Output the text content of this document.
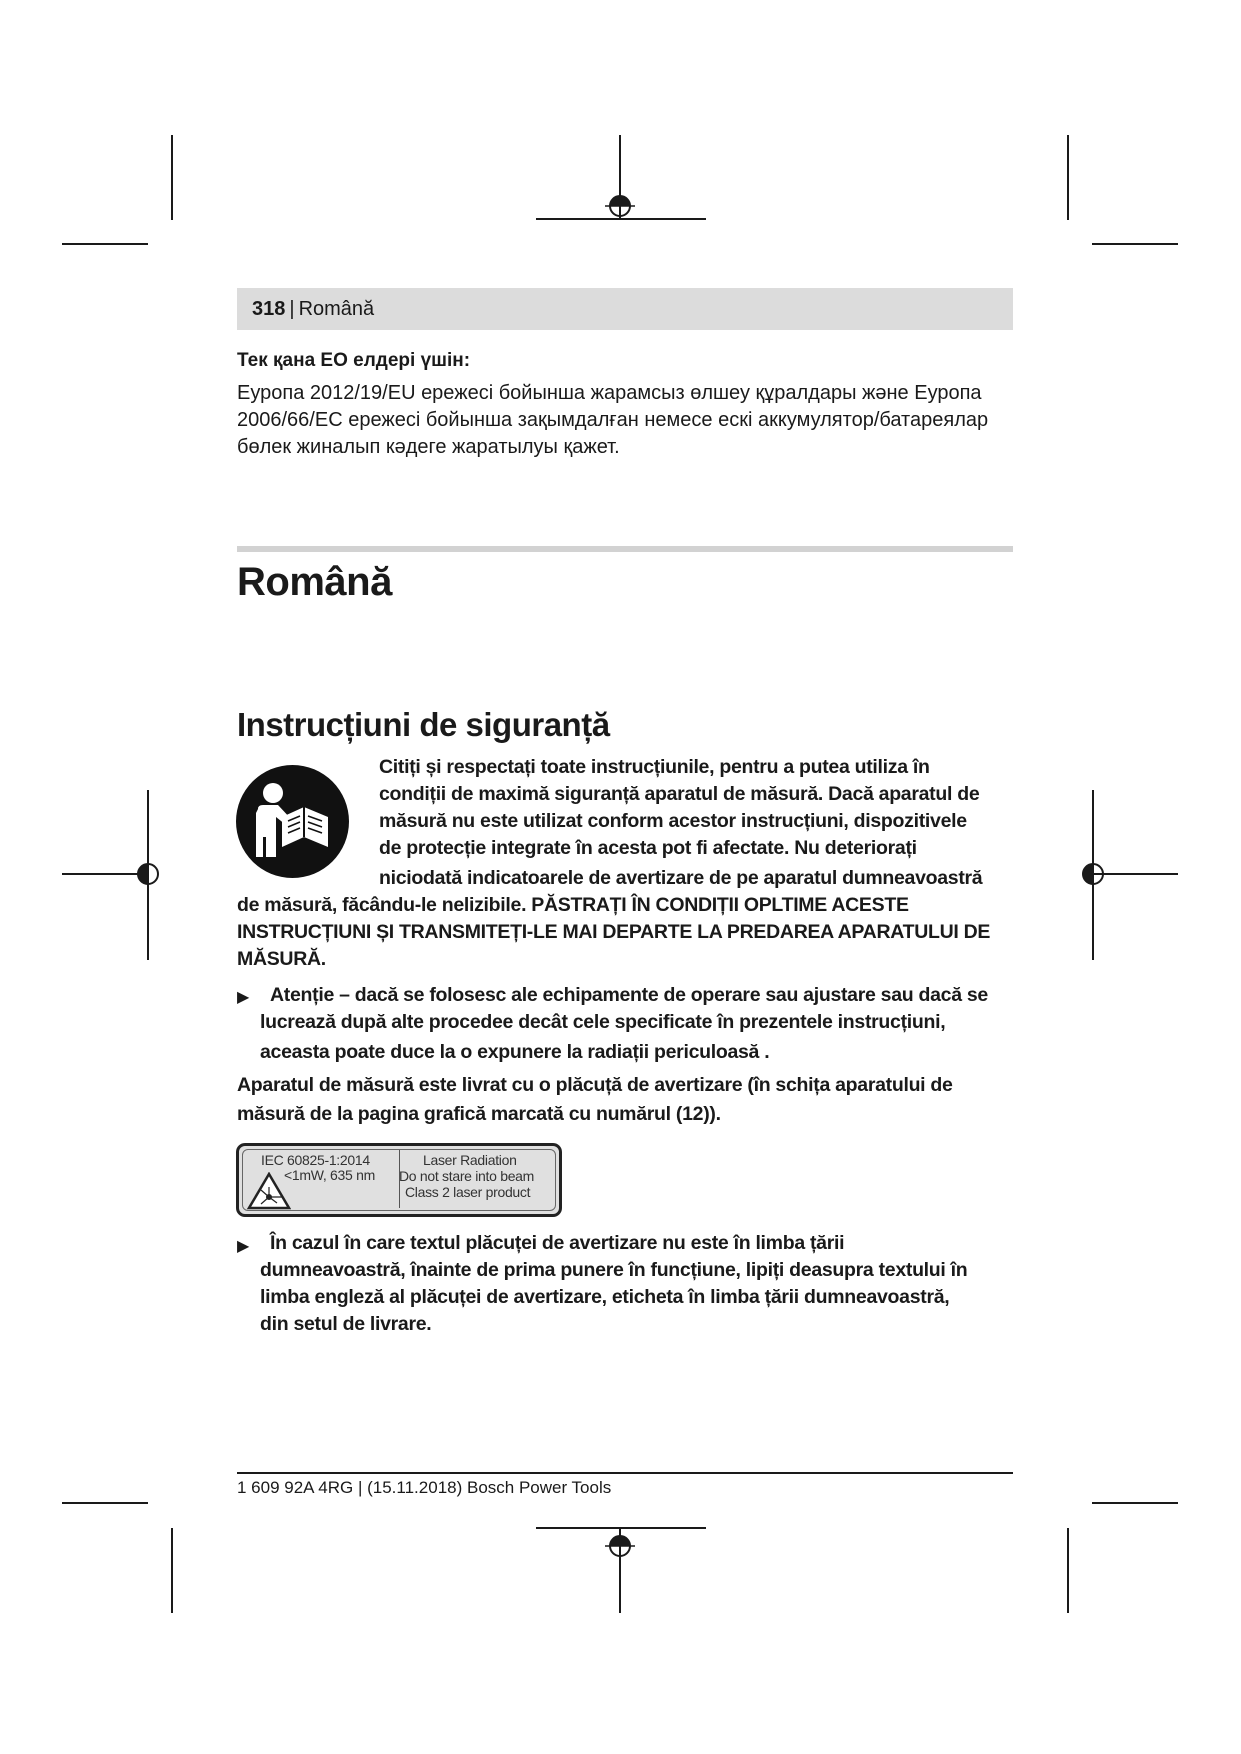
318 | Română
Тек қана ЕО елдері үшін:
Еуропа 2012/19/EU ережесі бойынша жарамсыз өлшеу құралдары және Еуропа
2006/66/EC ережесі бойынша зақымдалған немесе ескі аккумулятор/батареялар
бөлек жиналып кәдеге жаратылуы қажет.
Română
Instrucțiuni de siguranță
Citiți și respectați toate instrucțiunile, pentru a putea utiliza în
condiții de maximă siguranță aparatul de măsură. Dacă aparatul de
măsură nu este utilizat conform acestor instrucțiuni, dispozitivele
de protecție integrate în acesta pot fi afectate. Nu deteriorați
niciodată indicatoarele de avertizare de pe aparatul dumneavoastră
de măsură, făcându-le nelizibile. PĂSTRAȚI ÎN CONDIȚII OPLTIME ACESTE
INSTRUCȚIUNI ȘI TRANSMITEȚI-LE MAI DEPARTE LA PREDAREA APARATULUI DE
MĂSURĂ.
▶ Atenție – dacă se folosesc ale echipamente de operare sau ajustare sau dacă se
lucrează după alte procedee decât cele specificate în prezentele instrucțiuni,
aceasta poate duce la o expunere la radiații periculoasă .
Aparatul de măsură este livrat cu o plăcuță de avertizare (în schița aparatului de
măsură de la pagina grafică marcată cu numărul (12)).
IEC 60825-1:2014
<1mW, 635 nm
Laser Radiation
Do not stare into beam
Class 2 laser product
▶ În cazul în care textul plăcuței de avertizare nu este în limba țării
dumneavoastră, înainte de prima punere în funcțiune, lipiți deasupra textului în
limba engleză al plăcuței de avertizare, eticheta în limba țării dumneavoastră,
din setul de livrare.
1 609 92A 4RG | (15.11.2018) Bosch Power Tools
